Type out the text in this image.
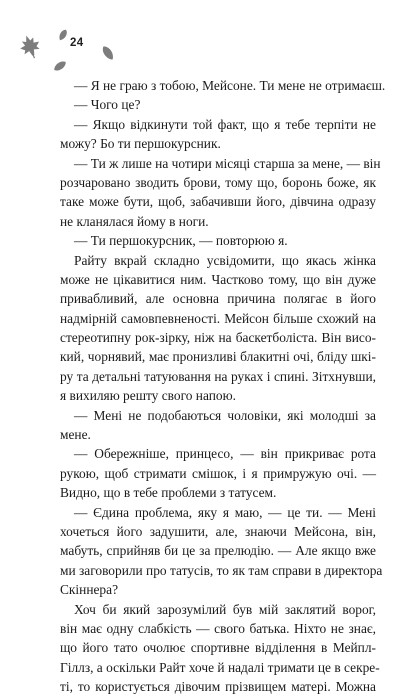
24
— Я не граю з тобою, Мейсоне. Ти мене не отримаєш.
— Чого це?
— Якщо відкинути той факт, що я тебе терпіти не
можу? Бо ти першокурсник.
— Ти ж лише на чотири місяці старша за мене, — він
розчаровано зводить брови, тому що, боронь боже, як
таке може бути, щоб, забачивши його, дівчина одразу
не кланялася йому в ноги.
— Ти першокурсник, — повторюю я.
Райту вкрай складно усвідомити, що якась жінка
може не цікавитися ним. Частково тому, що він дуже
привабливий, але основна причина полягає в його
надмірній самовпевненості. Мейсон більше схожий на
стереотипну рок-зірку, ніж на баскетболіста. Він висо-
кий, чорнявий, має пронизливі блакитні очі, бліду шкі-
ру та детальні татуювання на руках і спині. Зітхнувши,
я вихиляю решту свого напою.
— Мені не подобаються чоловіки, які молодші за
мене.
— Обережніше, принцесо, — він прикриває рота
рукою, щоб стримати смішок, і я примружую очі. —
Видно, що в тебе проблеми з татусем.
— Єдина проблема, яку я маю, — це ти. — Мені
хочеться його задушити, але, знаючи Мейсона, він,
мабуть, сприйняв би це за прелюдію. — Але якщо вже
ми заговорили про татусів, то як там справи в директора
Скіннера?
Хоч би який зарозумілий був мій заклятий ворог,
він має одну слабкість — свого батька. Ніхто не знає,
що його тато очолює спортивне відділення в Мейпл-
Гіллз, а оскільки Райт хоче й надалі тримати це в секре-
ті, то користується дівочим прізвищем матері. Можна
